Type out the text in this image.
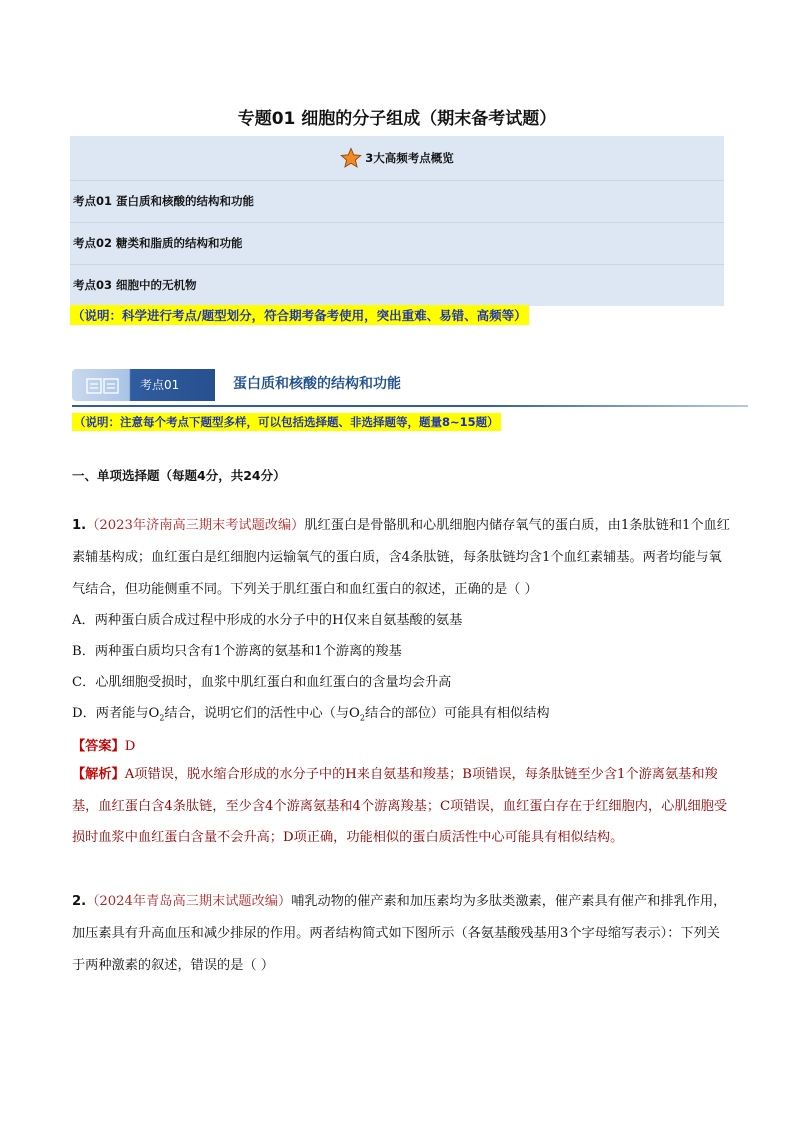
专题01 细胞的分子组成（期末备考试题）
3大高频考点概览
考点01 蛋白质和核酸的结构和功能
考点02 糖类和脂质的结构和功能
考点03 细胞中的无机物
（说明：科学进行考点/题型划分，符合期考备考使用，突出重难、易错、高频等）
考点01	蛋白质和核酸的结构和功能
（说明：注意每个考点下题型多样，可以包括选择题、非选择题等，题量8~15题）
一、单项选择题（每题4分，共24分）
1.（2023年济南高三期末考试题改编）肌红蛋白是骨骼肌和心肌细胞内储存氧气的蛋白质，由1条肽链和1个血红素辅基构成；血红蛋白是红细胞内运输氧气的蛋白质，含4条肽链，每条肽链均含1个血红素辅基。两者均能与氧气结合，但功能侧重不同。下列关于肌红蛋白和血红蛋白的叙述，正确的是（ ）
A．两种蛋白质合成过程中形成的水分子中的H仅来自氨基酸的氨基
B．两种蛋白质均只含有1个游离的氨基和1个游离的羧基
C．心肌细胞受损时，血浆中肌红蛋白和血红蛋白的含量均会升高
D．两者能与$O_2$结合，说明它们的活性中心（与$O_2$结合的部位）可能具有相似结构
【答案】D
【解析】A项错误，脱水缩合形成的水分子中的H来自氨基和羧基；B项错误，每条肽链至少含1个游离氨基和羧基，血红蛋白含4条肽链，至少含4个游离氨基和4个游离羧基；C项错误，血红蛋白存在于红细胞内，心肌细胞受损时血浆中血红蛋白含量不会升高；D项正确，功能相似的蛋白质活性中心可能具有相似结构。
2.（2024年青岛高三期末试题改编）哺乳动物的催产素和加压素均为多肽类激素，催产素具有催产和排乳作用，加压素具有升高血压和减少排尿的作用。两者结构简式如下图所示（各氨基酸残基用3个字母缩写表示）：下列关于两种激素的叙述，错误的是（ ）
